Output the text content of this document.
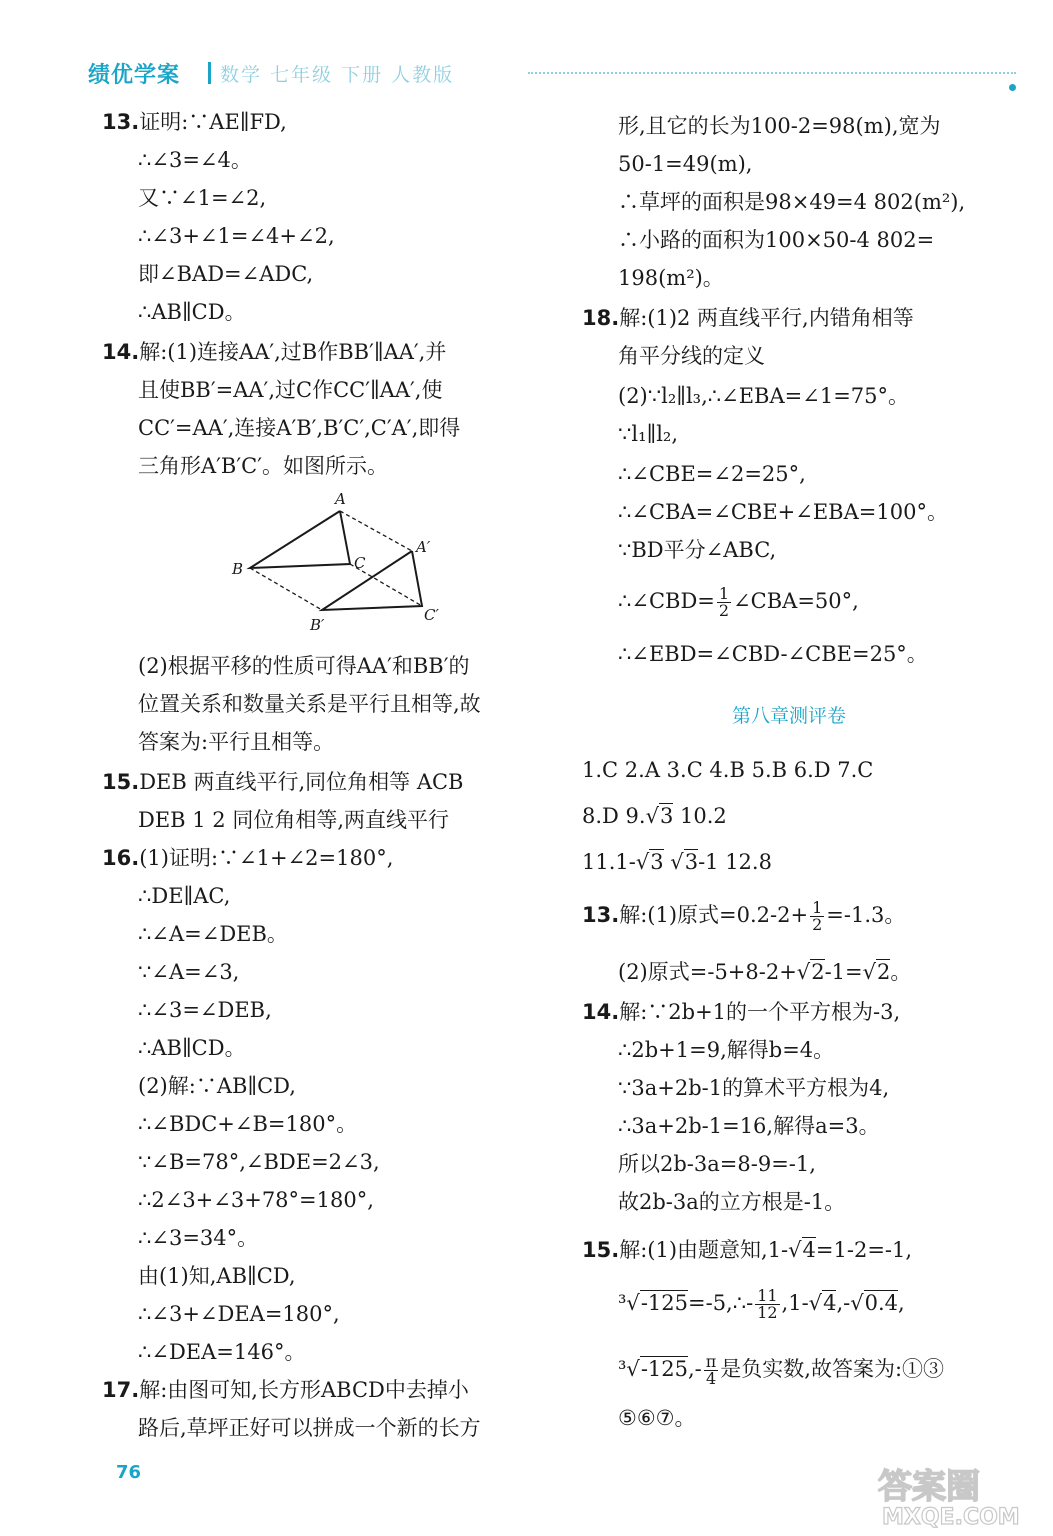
绩优学案 数学 七年级 下册 人教版
13.证明:∵AE∥FD,
∴∠3=∠4。
又∵∠1=∠2,
∴∠3+∠1=∠4+∠2,
即∠BAD=∠ADC,
∴AB∥CD。
14.解:(1)连接AA′,过B作BB′∥AA′,并
且使BB′=AA′,过C作CC′∥AA′,使
CC′=AA′,连接A′B′,B′C′,C′A′,即得
三角形A′B′C′。如图所示。
(2)根据平移的性质可得AA′和BB′的
位置关系和数量关系是平行且相等,故
答案为:平行且相等。
15.DEB 两直线平行,同位角相等 ACB
DEB 1 2 同位角相等,两直线平行
16.(1)证明:∵∠1+∠2=180°,
∴DE∥AC,
∴∠A=∠DEB。
∵∠A=∠3,
∴∠3=∠DEB,
∴AB∥CD。
(2)解:∵AB∥CD,
∴∠BDC+∠B=180°。
∵∠B=78°,∠BDE=2∠3,
∴2∠3+∠3+78°=180°,
∴∠3=34°。
由(1)知,AB∥CD,
∴∠3+∠DEA=180°,
∴∠DEA=146°。
17.解:由图可知,长方形ABCD中去掉小
路后,草坪正好可以拼成一个新的长方
A
B	C
A′
B′
C′
形,且它的长为100-2=98(m),宽为
50-1=49(m),
∴草坪的面积是98×49=4 802(m²),
∴小路的面积为100×50-4 802=
198(m²)。
18.解:(1)2 两直线平行,内错角相等
角平分线的定义
(2)∵l₂∥l₃,∴∠EBA=∠1=75°。
∵l₁∥l₂,
∴∠CBE=∠2=25°,
∴∠CBA=∠CBE+∠EBA=100°。
∵BD平分∠ABC,
∴∠CBD= $\frac{1}{2}$ ∠CBA=50°,
∴∠EBD=∠CBD-∠CBE=25°。
第八章测评卷
1.C 2.A 3.C 4.B 5.B 6.D 7.C
8.D 9.√3 10.2
11.1-√3 √3-1 12.8
13.解:(1)原式$=0.2-2+ \frac{1}{2} =-1.3$。
(2)原式=-5+8-2+√2-1=√2。
14.解:∵2b+1的一个平方根为-3,
∴2b+1=9,解得b=4。
∵3a+2b-1的算术平方根为4,
∴3a+2b-1=16,解得a=3。
所以2b-3a=8-9=-1,
故2b-3a的立方根是-1。
15.解:(1)由题意知,1-√4=1-2=-1,
³√-125=-5,∴- $\frac{11}{12} ,1-√4,-√0.4$,
$^3√-125,- \frac{\pi}{4}$ 是负实数,故答案为:①③
⑤⑥⑦。
76	答案圈
MXQE.COM
